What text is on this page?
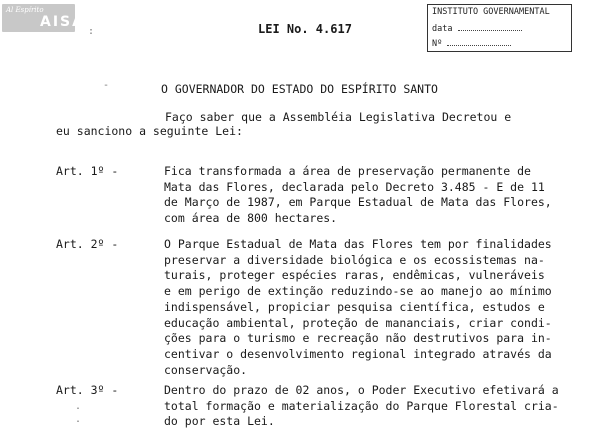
Al Espírito
AISA
:
INSTITUTO GOVERNAMENTAL
data
Nº
LEI No. 4.617
-	O GOVERNADOR DO ESTADO DO ESPÍRITO SANTO
Faço saber que a Assembléia Legislativa Decretou e
eu sanciono a seguinte Lei:
Art. 1º -	Fica transformada a área de preservação permanente de
Mata das Flores, declarada pelo Decreto 3.485 - E de 11
de Março de 1987, em Parque Estadual de Mata das Flores,
com área de 800 hectares.
Art. 2º -	O Parque Estadual de Mata das Flores tem por finalidades
preservar a diversidade biológica e os ecossistemas na-
turais, proteger espécies raras, endêmicas, vulneráveis
e em perigo de extinção reduzindo-se ao manejo ao mínimo
indispensável, propiciar pesquisa científica, estudos e
educação ambiental, proteção de mananciais, criar condi-
ções para o turismo e recreação não destrutivos para in-
centivar o desenvolvimento regional integrado através da
conservação.
Art. 3º -	Dentro do prazo de 02 anos, o Poder Executivo efetivará a
total formação e materialização do Parque Florestal cria-
do por esta Lei.
.
.
